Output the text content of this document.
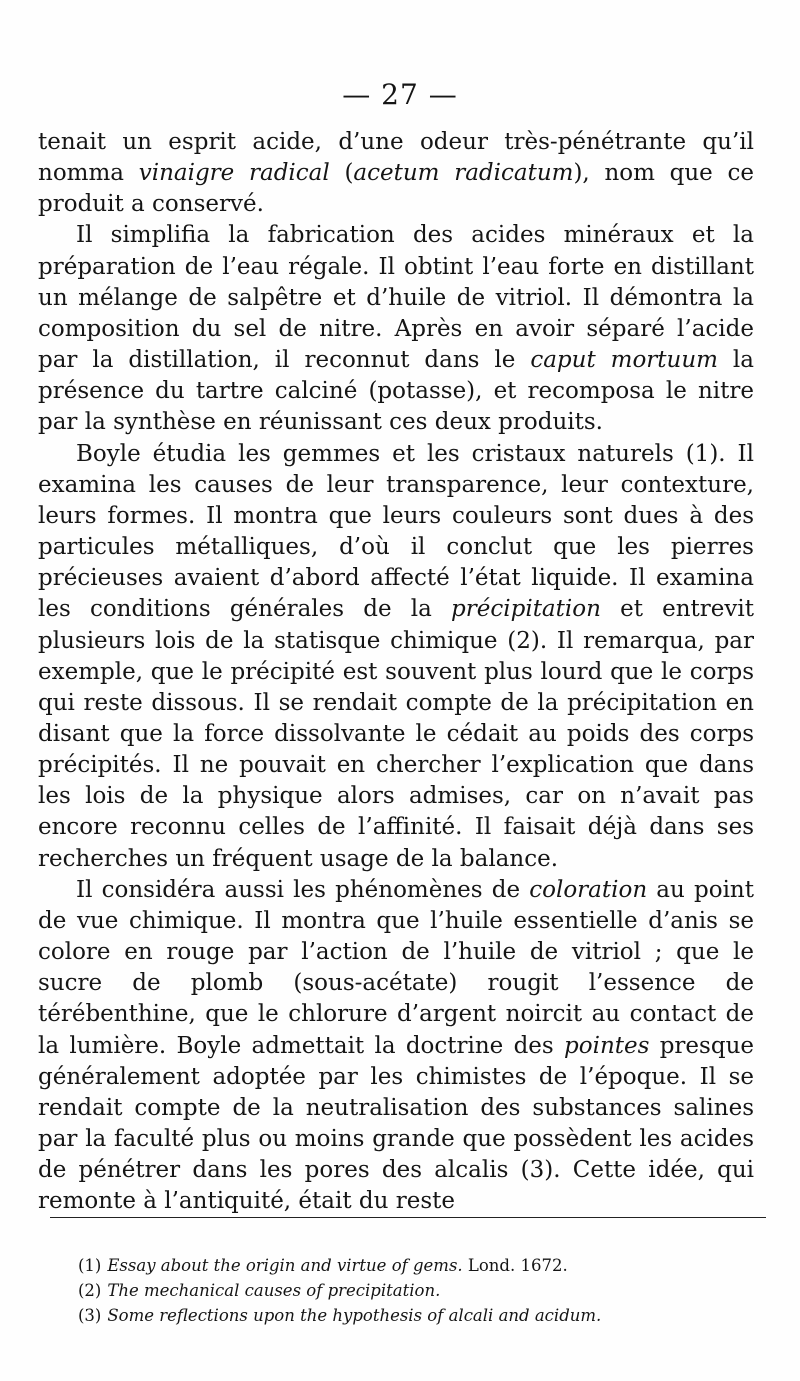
— 27 —

tenait un esprit acide, d’une odeur très-pénétrante qu’il nomma vinaigre radical (acetum radicatum), nom que ce produit a conservé.

Il simplifia la fabrication des acides minéraux et la préparation de l’eau régale. Il obtint l’eau forte en distillant un mélange de salpêtre et d’huile de vitriol. Il démontra la composition du sel de nitre. Après en avoir séparé l’acide par la distillation, il reconnut dans le caput mortuum la présence du tartre calciné (potasse), et recomposa le nitre par la synthèse en réunissant ces deux produits.

Boyle étudia les gemmes et les cristaux naturels (1). Il examina les causes de leur transparence, leur contexture, leurs formes. Il montra que leurs couleurs sont dues à des particules métalliques, d’où il conclut que les pierres précieuses avaient d’abord affecté l’état liquide. Il examina les conditions générales de la précipitation et entrevit plusieurs lois de la statisque chimique (2). Il remarqua, par exemple, que le précipité est souvent plus lourd que le corps qui reste dissous. Il se rendait compte de la précipitation en disant que la force dissolvante le cédait au poids des corps précipités. Il ne pouvait en chercher l’explication que dans les lois de la physique alors admises, car on n’avait pas encore reconnu celles de l’affinité. Il faisait déjà dans ses recherches un fréquent usage de la balance.

Il considéra aussi les phénomènes de coloration au point de vue chimique. Il montra que l’huile essentielle d’anis se colore en rouge par l’action de l’huile de vitriol ; que le sucre de plomb (sous-acétate) rougit l’essence de térébenthine, que le chlorure d’argent noircit au contact de la lumière. Boyle admettait la doctrine des pointes presque généralement adoptée par les chimistes de l’époque. Il se rendait compte de la neutralisation des substances salines par la faculté plus ou moins grande que possèdent les acides de pénétrer dans les pores des alcalis (3). Cette idée, qui remonte à l’antiquité, était du reste

(1) Essay about the origin and virtue of gems. Lond. 1672.
(2) The mechanical causes of precipitation.
(3) Some reflections upon the hypothesis of alcali and acidum.
